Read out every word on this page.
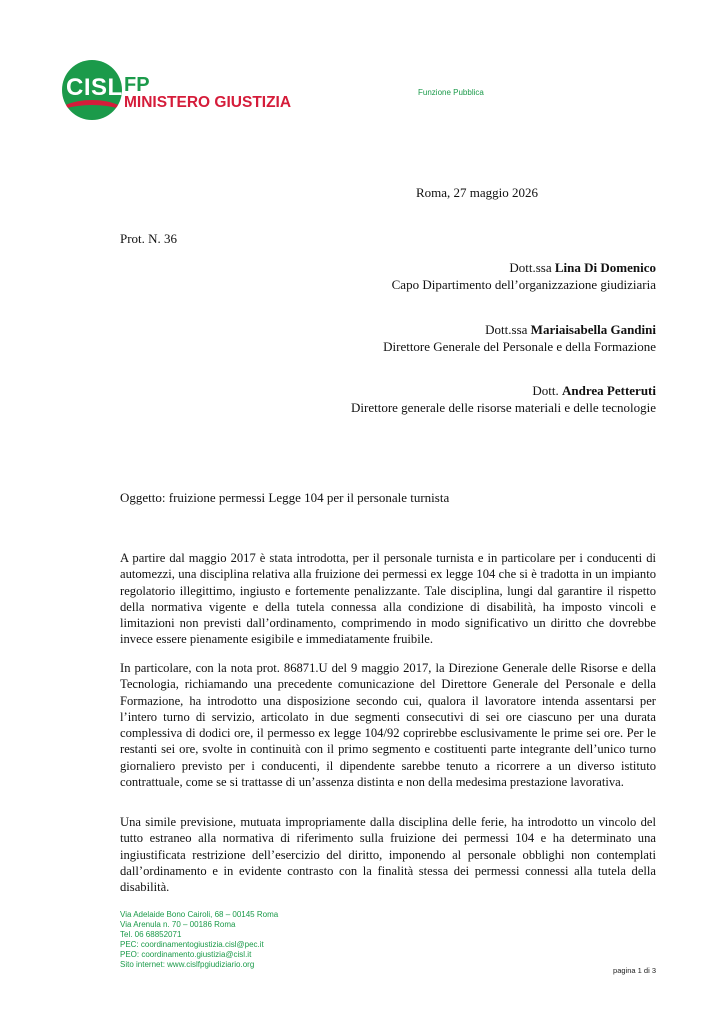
CISL FP
MINISTERO GIUSTIZIA
Funzione Pubblica
Roma, 27 maggio 2026
Prot. N. 36
Dott.ssa Lina Di Domenico
Capo Dipartimento dell’organizzazione giudiziaria
Dott.ssa Mariaisabella Gandini
Direttore Generale del Personale e della Formazione
Dott. Andrea Petteruti
Direttore generale delle risorse materiali e delle tecnologie
Oggetto: fruizione permessi Legge 104 per il personale turnista

A partire dal maggio 2017 è stata introdotta, per il personale turnista e in particolare per i conducenti di automezzi, una disciplina relativa alla fruizione dei permessi ex legge 104 che si è tradotta in un impianto regolatorio illegittimo, ingiusto e fortemente penalizzante. Tale disciplina, lungi dal garantire il rispetto della normativa vigente e della tutela connessa alla condizione di disabilità, ha imposto vincoli e limitazioni non previsti dall’ordinamento, comprimendo in modo significativo un diritto che dovrebbe invece essere pienamente esigibile e immediatamente fruibile.

In particolare, con la nota prot. 86871.U del 9 maggio 2017, la Direzione Generale delle Risorse e della Tecnologia, richiamando una precedente comunicazione del Direttore Generale del Personale e della Formazione, ha introdotto una disposizione secondo cui, qualora il lavoratore intenda assentarsi per l’intero turno di servizio, articolato in due segmenti consecutivi di sei ore ciascuno per una durata complessiva di dodici ore, il permesso ex legge 104/92 coprirebbe esclusivamente le prime sei ore. Per le restanti sei ore, svolte in continuità con il primo segmento e costituenti parte integrante dell’unico turno giornaliero previsto per i conducenti, il dipendente sarebbe tenuto a ricorrere a un diverso istituto contrattuale, come se si trattasse di un’assenza distinta e non della medesima prestazione lavorativa.

Una simile previsione, mutuata impropriamente dalla disciplina delle ferie, ha introdotto un vincolo del tutto estraneo alla normativa di riferimento sulla fruizione dei permessi 104 e ha determinato una ingiustificata restrizione dell’esercizio del diritto, imponendo al personale obblighi non contemplati dall’ordinamento e in evidente contrasto con la finalità stessa dei permessi connessi alla tutela della disabilità.

Via Adelaide Bono Cairoli, 68 – 00145 Roma
Via Arenula n. 70 – 00186 Roma
Tel. 06 68852071
PEC: coordinamentogiustizia.cisl@pec.it
PEO: coordinamento.giustizia@cisl.it
Sito internet: www.cislfpgiudiziario.org
pagina 1 di 3
